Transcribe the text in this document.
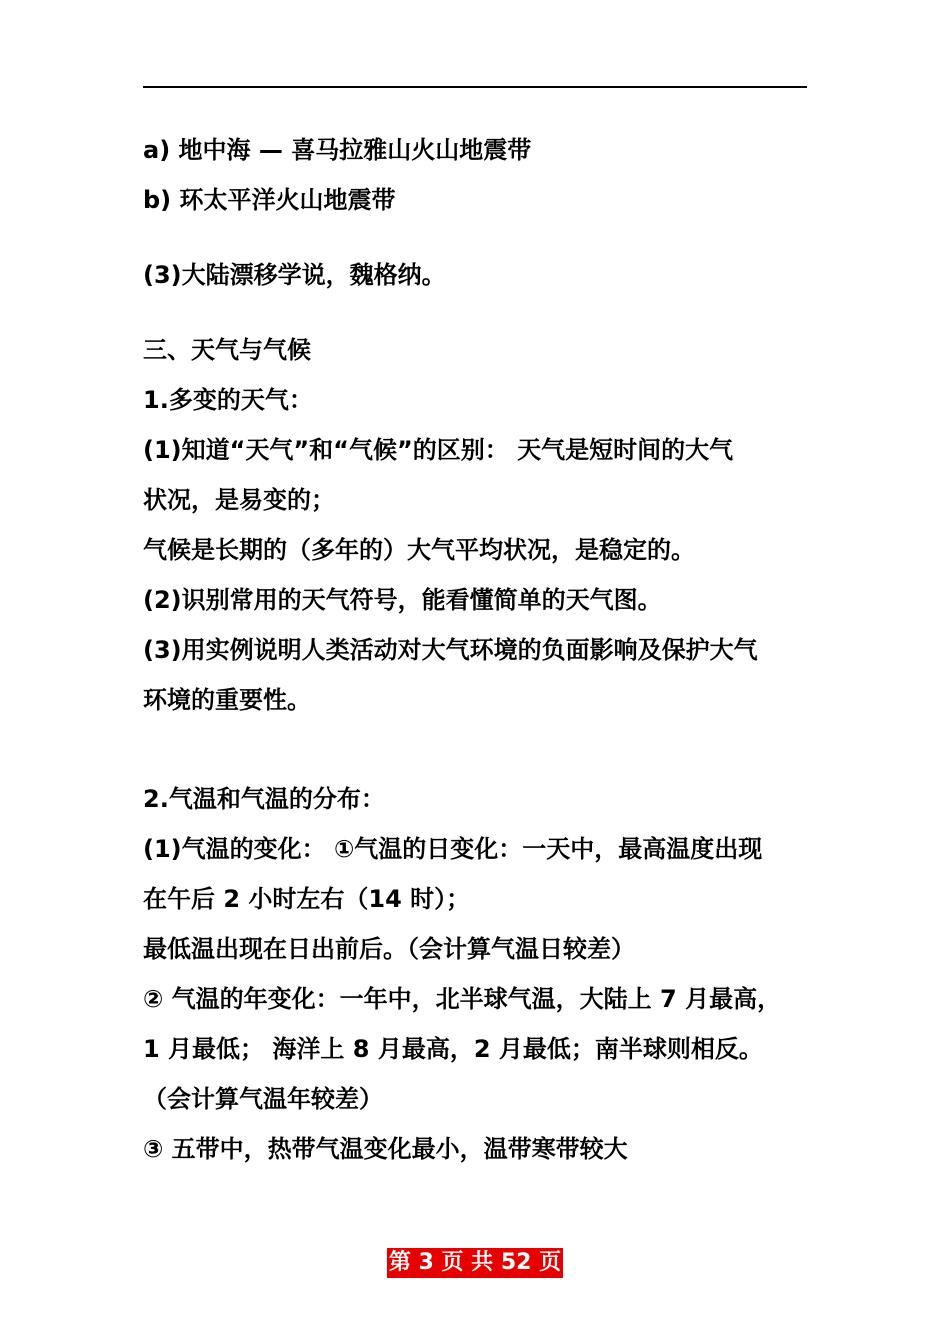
a) 地中海 — 喜马拉雅山火山地震带
b) 环太平洋火山地震带
(3)大陆漂移学说，魏格纳。
三、天气与气候
1.多变的天气：
(1)知道“天气”和“气候”的区别： 天气是短时间的大气
状况，是易变的；
气候是长期的（多年的）大气平均状况，是稳定的。
(2)识别常用的天气符号，能看懂简单的天气图。
(3)用实例说明人类活动对大气环境的负面影响及保护大气
环境的重要性。
2.气温和气温的分布：
(1)气温的变化： ①气温的日变化：一天中，最高温度出现
在午后 2 小时左右（14 时）；
最低温出现在日出前后。（会计算气温日较差）
② 气温的年变化：一年中，北半球气温，大陆上 7 月最高，
1 月最低； 海洋上 8 月最高，2 月最低；南半球则相反。
（会计算气温年较差）
③ 五带中，热带气温变化最小，温带寒带较大
第 3 页 共 52 页
